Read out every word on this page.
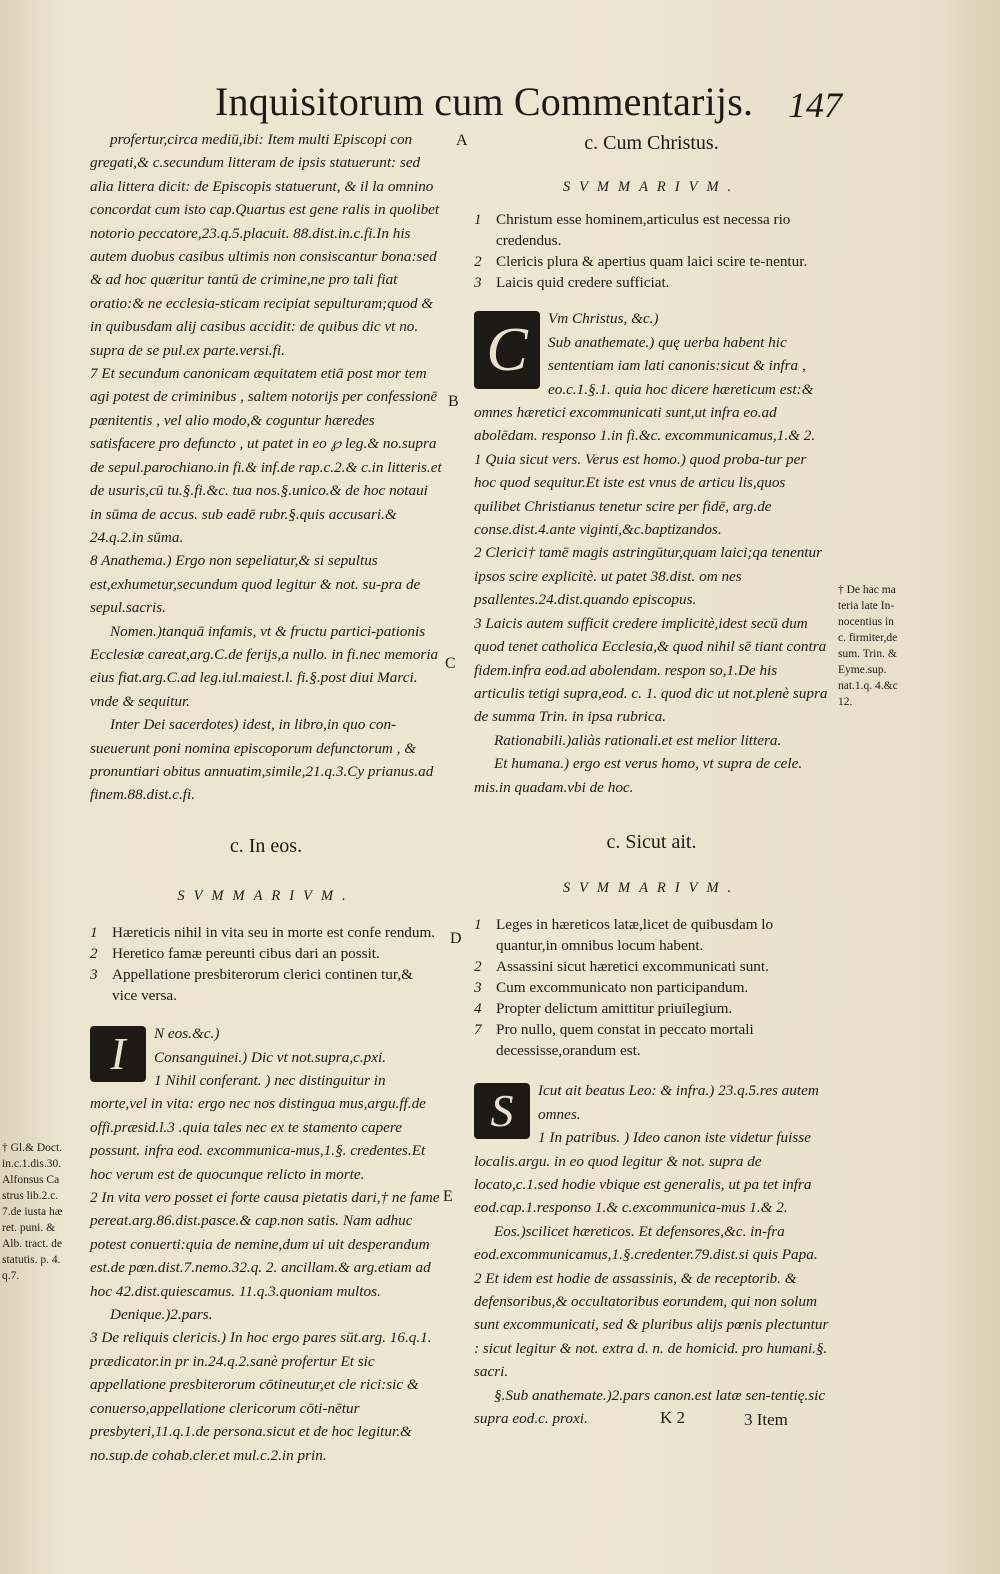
Inquisitorum cum Commentarijs. 147
A
B
C
D
E
† De hac ma
teria late In-
nocentius in
c. firmiter,de
sum. Trin. &
Eyme.sup.
nat.1.q. 4.&c
12.
† Gl.& Doct.
in.c.1.dis.30.
Alfonsus Ca
strus lib.2.c.
7.de iusta hæ
ret. puni. &
Alb. tract. de
statutis. p. 4.
q.7.

profertur,circa mediū,ibi: Item multi Episcopi con gregati,& c.secundum litteram de ipsis statuerunt: sed alia littera dicit: de Episcopis statuerunt, & il la omnino concordat cum isto cap.Quartus est gene ralis in quolibet notorio peccatore,23.q.5.placuit. 88.dist.in.c.fi.In his autem duobus casibus ultimis non consiscantur bona:sed & ad hoc quæritur tantū de crimine,ne pro tali fiat oratio:& ne ecclesia-sticam recipiat sepulturam;quod & in quibusdam alij casibus accidit: de quibus dic vt no. supra de se pul.ex parte.versi.fi.

7 Et secundum canonicam æquitatem etiā post mor tem agi potest de criminibus , saltem notorijs per confessionē pœnitentis , vel alio modo,& coguntur hæredes satisfacere pro defuncto , ut patet in eo ℘ leg.& no.supra de sepul.parochiano.in fi.& inf.de rap.c.2.& c.in litteris.et de usuris,cū tu.§.fi.&c. tua nos.§.unico.& de hoc notaui in sūma de accus. sub eadē rubr.§.quis accusari.& 24.q.2.in sūma.

8 Anathema.) Ergo non sepeliatur,& si sepultus est,exhumetur,secundum quod legitur & not. su-pra de sepul.sacris.

Nomen.)tanquā infamis, vt & fructu partici-pationis Ecclesiæ careat,arg.C.de ferijs,a nullo. in fi.nec memoria eius fiat.arg.C.ad leg.iul.maiest.l. fi.§.post diui Marci. vnde & sequitur.

Inter Dei sacerdotes) idest, in libro,in quo con-sueuerunt poni nomina episcoporum defunctorum , & pronuntiari obitus annuatim,simile,21.q.3.Cy prianus.ad finem.88.dist.c.fi.

c. In eos.

SVMMARIVM.

1 Hæreticis nihil in vita seu in morte est confe rendum.
2 Heretico famæ pereunti cibus dari an possit.
3 Appellatione presbiterorum clerici continen tur,& vice versa.
I	N eos.&c.)

Consanguinei.) Dic vt not.supra,c.pxi.

1 Nihil conferant. ) nec distinguitur in morte,vel in vita: ergo nec nos distingua mus,argu.ff.de offi.præsid.l.3 .quia tales nec ex te stamento capere possunt. infra eod. excommunica-mus,1.§. credentes.Et hoc verum est de quocunque relicto in morte.

2 In vita vero posset ei forte causa pietatis dari,† ne fame pereat.arg.86.dist.pasce.& cap.non satis. Nam adhuc potest conuerti:quia de nemine,dum ui uit desperandum est.de pœn.dist.7.nemo.32.q. 2. ancillam.& arg.etiam ad hoc 42.dist.quiescamus. 11.q.3.quoniam multos.

Denique.)2.pars.

3 De reliquis clericis.) In hoc ergo pares sūt.arg. 16.q.1. prædicator.in pr in.24.q.2.sanè profertur Et sic appellatione presbiterorum cōtineutur,et cle rici:sic & conuerso,appellatione clericorum cōti-nētur presbyteri,11.q.1.de persona.sicut et de hoc legitur.& no.sup.de cohab.cler.et mul.c.2.in prin.

c. Cum Christus.

SVMMARIVM.

1 Christum esse hominem,articulus est necessa rio credendus.
2 Clericis plura & apertius quam laici scire te-nentur.
3 Laicis quid credere sufficiat.
C	Vm Christus, &c.)

Sub anathemate.) quę uerba habent hic sententiam iam lati canonis:sicut & infra , eo.c.1.§.1. quia hoc dicere hæreticum est:& omnes hæretici excommunicati sunt,ut infra eo.ad abolēdam. responso 1.in fi.&c. excommunicamus,1.& 2.

1 Quia sicut vers. Verus est homo.) quod proba-tur per hoc quod sequitur.Et iste est vnus de articu lis,quos quilibet Christianus tenetur scire per fidē, arg.de conse.dist.4.ante viginti,&c.baptizandos.

2 Clerici† tamē magis astringūtur,quam laici;qa tenentur ipsos scire explicitè. ut patet 38.dist. om nes psallentes.24.dist.quando episcopus.

3 Laicis autem sufficit credere implicitè,idest secū dum quod tenet catholica Ecclesia,& quod nihil sē tiant contra fidem.infra eod.ad abolendam. respon so,1.De his articulis tetigi supra,eod. c. 1. quod dic ut not.plenè supra de summa Trin. in ipsa rubrica.

Rationabili.)aliàs rationali.et est melior littera.

Et humana.) ergo est verus homo, vt supra de cele. mis.in quadam.vbi de hoc.

c. Sicut ait.

SVMMARIVM.

1 Leges in hæreticos latæ,licet de quibusdam lo quantur,in omnibus locum habent.
2 Assassini sicut hæretici excommunicati sunt.
3 Cum excommunicato non participandum.
4 Propter delictum amittitur priuilegium.
7 Pro nullo, quem constat in peccato mortali decessisse,orandum est.
S	Icut ait beatus Leo: & infra.) 23.q.5.res autem omnes.

1 In patribus. ) Ideo canon iste videtur fuisse localis.argu. in eo quod legitur & not. supra de locato,c.1.sed hodie vbique est generalis, ut pa tet infra eod.cap.1.responso 1.& c.excommunica-mus 1.& 2.

Eos.)scilicet hæreticos. Et defensores,&c. in-fra eod.excommunicamus,1.§.credenter.79.dist.si quis Papa.

2 Et idem est hodie de assassinis, & de receptorib. & defensoribus,& occultatoribus eorundem, qui non solum sunt excommunicati, sed & pluribus alijs pœnis plectuntur : sicut legitur & not. extra d. n. de homicid. pro humani.§. sacri.

§.Sub anathemate.)2.pars canon.est latæ sen-tentię.sic supra eod.c. proxi.	K 2	3 Item
